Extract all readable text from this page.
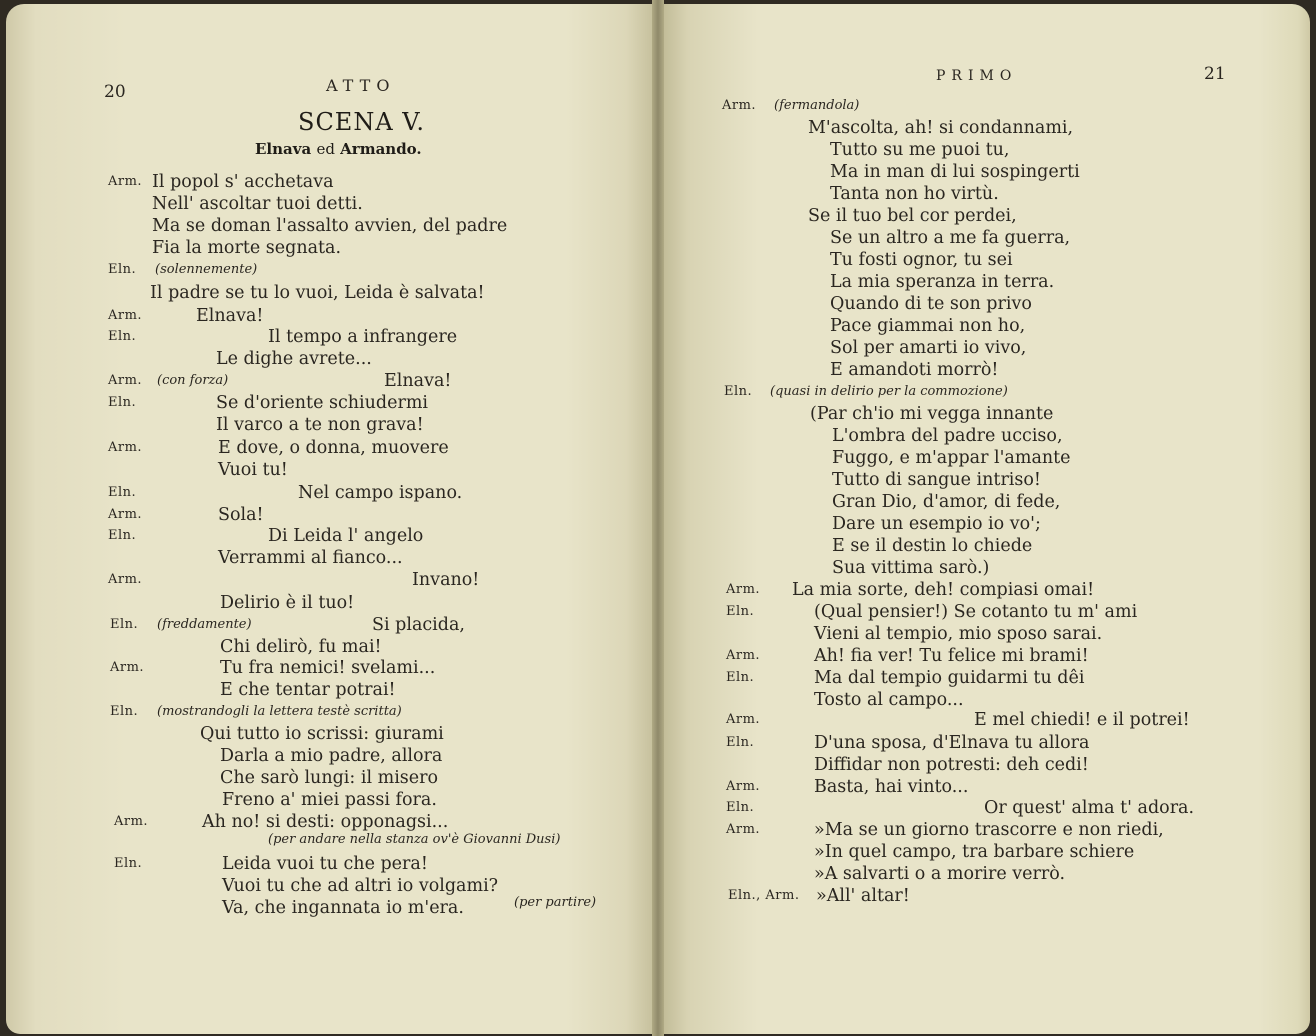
20	ATTO
SCENA V.
Elnava ed Armando.
21
PRIMO
Arm. Il popol s' acchetava
Nell' ascoltar tuoi detti.
Ma se doman l'assalto avvien, del padre
Fia la morte segnata.
Eln. (solennemente)
Il padre se tu lo vuoi, Leida è salvata!
Arm.	Elnava!
Eln.	Il tempo a infrangere
Le dighe avrete...
Arm. (con forza)	Elnava!
Eln.	Se d'oriente schiudermi
Il varco a te non grava!
Arm.	E dove, o donna, muovere
Vuoi tu!
Eln.	Nel campo ispano.
Arm.	Sola!
Eln.	Di Leida l' angelo
Verrammi al fianco...
Arm.	Invano!
Delirio è il tuo!
Eln. (freddamente)	Si placida,
Chi delirò, fu mai!
Arm.	Tu fra nemici! svelami...
E che tentar potrai!
Eln. (mostrandogli la lettera testè scritta)
Qui tutto io scrissi: giurami
Darla a mio padre, allora
Che sarò lungi: il misero
Freno a' miei passi fora.
Arm.	Ah no! si desti: opponagsi...
(per andare nella stanza ov'è Giovanni Dusi)
Eln.	Leida vuoi tu che pera!
Vuoi tu che ad altri io volgami?
Va, che ingannata io m'era.	(per partire)
Arm. (fermandola)
M'ascolta, ah! si condannami,
Tutto su me puoi tu,
Ma in man di lui sospingerti
Tanta non ho virtù.
Se il tuo bel cor perdei,
Se un altro a me fa guerra,
Tu fosti ognor, tu sei
La mia speranza in terra.
Quando di te son privo
Pace giammai non ho,
Sol per amarti io vivo,
E amandoti morrò!
Eln. (quasi in delirio per la commozione)
(Par ch'io mi vegga innante
L'ombra del padre ucciso,
Fuggo, e m'appar l'amante
Tutto di sangue intriso!
Gran Dio, d'amor, di fede,
Dare un esempio io vo';
E se il destin lo chiede
Sua vittima sarò.)
Arm. La mia sorte, deh! compiasi omai!
Eln.	(Qual pensier!) Se cotanto tu m' ami
Vieni al tempio, mio sposo sarai.
Arm.	Ah! fia ver! Tu felice mi brami!
Eln.	Ma dal tempio guidarmi tu dêi
Tosto al campo...
Arm.	E mel chiedi! e il potrei!
Eln.	D'una sposa, d'Elnava tu allora
Diffidar non potresti: deh cedi!
Arm.	Basta, hai vinto...
Eln.	Or quest' alma t' adora.
Arm.	»Ma se un giorno trascorre e non riedi,
»In quel campo, tra barbare schiere
»A salvarti o a morire verrò.
Eln., Arm. »All' altar!
